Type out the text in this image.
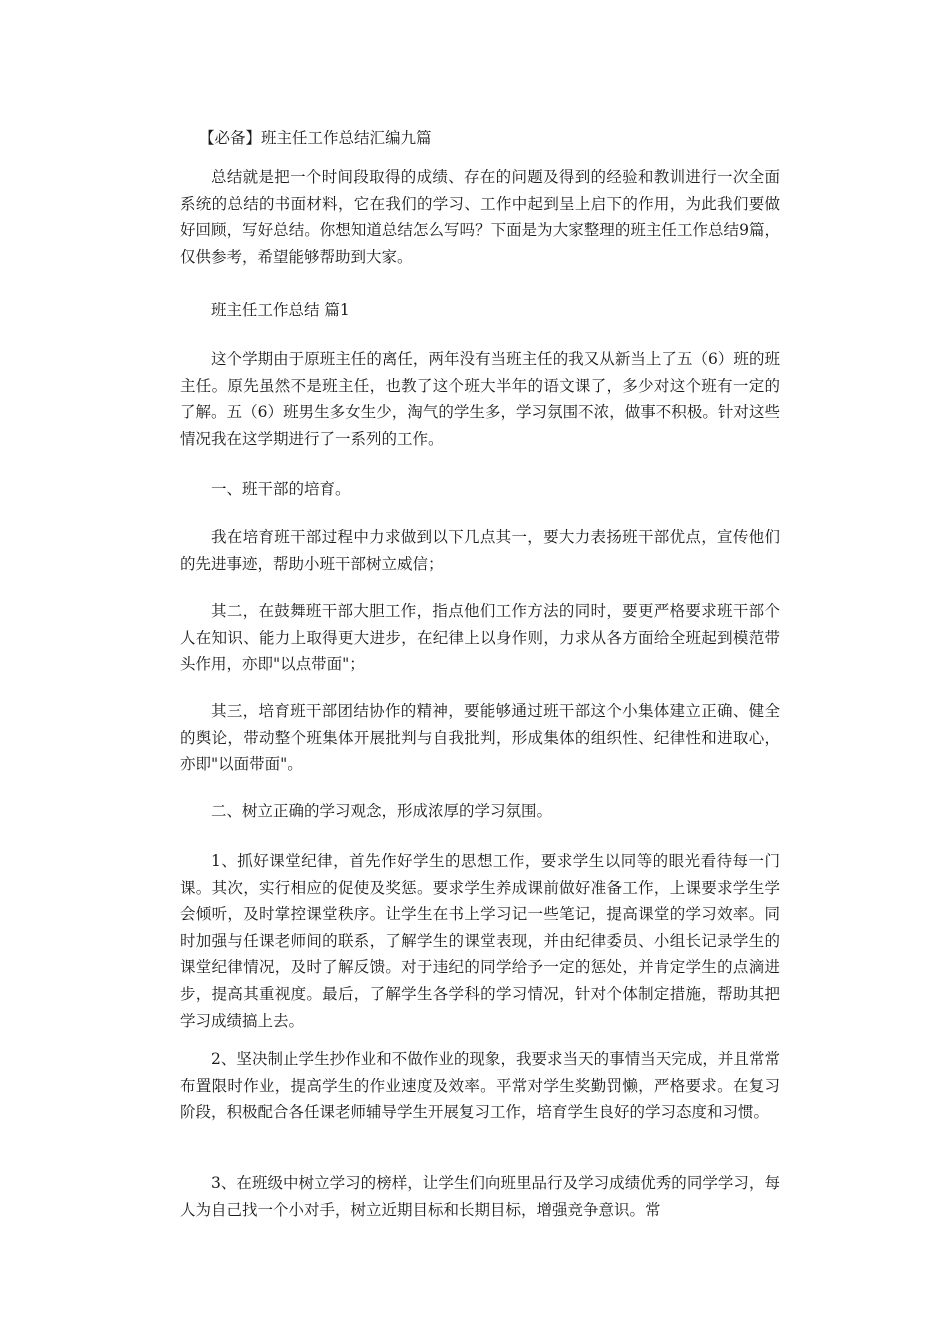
【必备】班主任工作总结汇编九篇

总结就是把一个时间段取得的成绩、存在的问题及得到的经验和教训进行一次全面系统的总结的书面材料，它在我们的学习、工作中起到呈上启下的作用，为此我们要做好回顾，写好总结。你想知道总结怎么写吗？下面是为大家整理的班主任工作总结9篇，仅供参考，希望能够帮助到大家。

班主任工作总结 篇1

这个学期由于原班主任的离任，两年没有当班主任的我又从新当上了五（6）班的班主任。原先虽然不是班主任，也教了这个班大半年的语文课了，多少对这个班有一定的了解。五（6）班男生多女生少，淘气的学生多，学习氛围不浓，做事不积极。针对这些情况我在这学期进行了一系列的工作。

一、班干部的培育。

我在培育班干部过程中力求做到以下几点其一，要大力表扬班干部优点，宣传他们的先进事迹，帮助小班干部树立威信；

其二，在鼓舞班干部大胆工作，指点他们工作方法的同时，要更严格要求班干部个人在知识、能力上取得更大进步，在纪律上以身作则，力求从各方面给全班起到模范带头作用，亦即"以点带面"；

其三，培育班干部团结协作的精神，要能够通过班干部这个小集体建立正确、健全的舆论，带动整个班集体开展批判与自我批判，形成集体的组织性、纪律性和进取心，亦即"以面带面"。

二、树立正确的学习观念，形成浓厚的学习氛围。

1、抓好课堂纪律，首先作好学生的思想工作，要求学生以同等的眼光看待每一门课。其次，实行相应的促使及奖惩。要求学生养成课前做好准备工作，上课要求学生学会倾听，及时掌控课堂秩序。让学生在书上学习记一些笔记，提高课堂的学习效率。同时加强与任课老师间的联系，了解学生的课堂表现，并由纪律委员、小组长记录学生的课堂纪律情况，及时了解反馈。对于违纪的同学给予一定的惩处，并肯定学生的点滴进步，提高其重视度。最后，了解学生各学科的学习情况，针对个体制定措施，帮助其把学习成绩搞上去。

2、坚决制止学生抄作业和不做作业的现象，我要求当天的事情当天完成，并且常常布置限时作业，提高学生的作业速度及效率。平常对学生奖勤罚懒，严格要求。在复习阶段，积极配合各任课老师辅导学生开展复习工作，培育学生良好的学习态度和习惯。

3、在班级中树立学习的榜样，让学生们向班里品行及学习成绩优秀的同学学习，每人为自己找一个小对手，树立近期目标和长期目标，增强竞争意识。常
